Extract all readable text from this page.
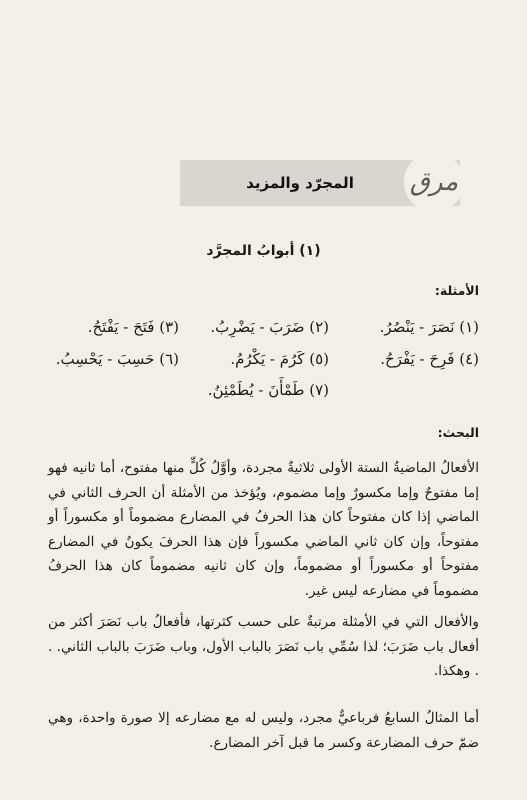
المجرّد والمزيد	مرق
(١) أبوابُ المجرَّد
الأمثلة:
(١) نَصَرَ - يَنْصُرُ.
(٢) ضَرَبَ - يَضْرِبُ.
(٣) فَتَحَ - يَفْتَحُ.
(٤) فَرِحَ - يَفْرَحُ.
(٥) كَرُمَ - يَكْرُمُ.
(٦) حَسِبَ - يَحْسِبُ.
(٧) طَمْأَنَ - يُطَمْئِنُ.
البحث:

الأفعالُ الماضيةُ الستة الأولى ثلاثيةٌ مجردة، وأوَّلُ كُلٍّ منها مفتوح، أما ثانيه فهو إما مفتوحٌ وإما مكسورٌ وإما مضموم، ويُؤخذ من الأمثلة أن الحرف الثاني في الماضي إذا كان مفتوحاً كان هذا الحرفُ في المضارع مضموماً أو مكسوراً أو مفتوحاً، وإن كان ثاني الماضي مكسوراً فإن هذا الحرفَ يكونُ في المضارع مفتوحاً أو مكسوراً أو مضموماً، وإن كان ثانيه مضموماً كان هذا الحرفُ مضموماً في مضارعه ليس غير.

والأفعال التي في الأمثلة مرتبةٌ على حسب كثرتها، فأفعالُ باب نَصَرَ أكثر من أفعال باب ضَرَبَ؛ لذا سُمِّي باب نَصَرَ بالباب الأول، وباب ضَرَبَ بالباب الثاني. . . وهكذا.

أما المثالُ السابعُ فرباعيٌّ مجرد، وليس له مع مضارعه إلا صورة واحدة، وهي ضمّ حرف المضارعة وكسر ما قبل آخر المضارع.
